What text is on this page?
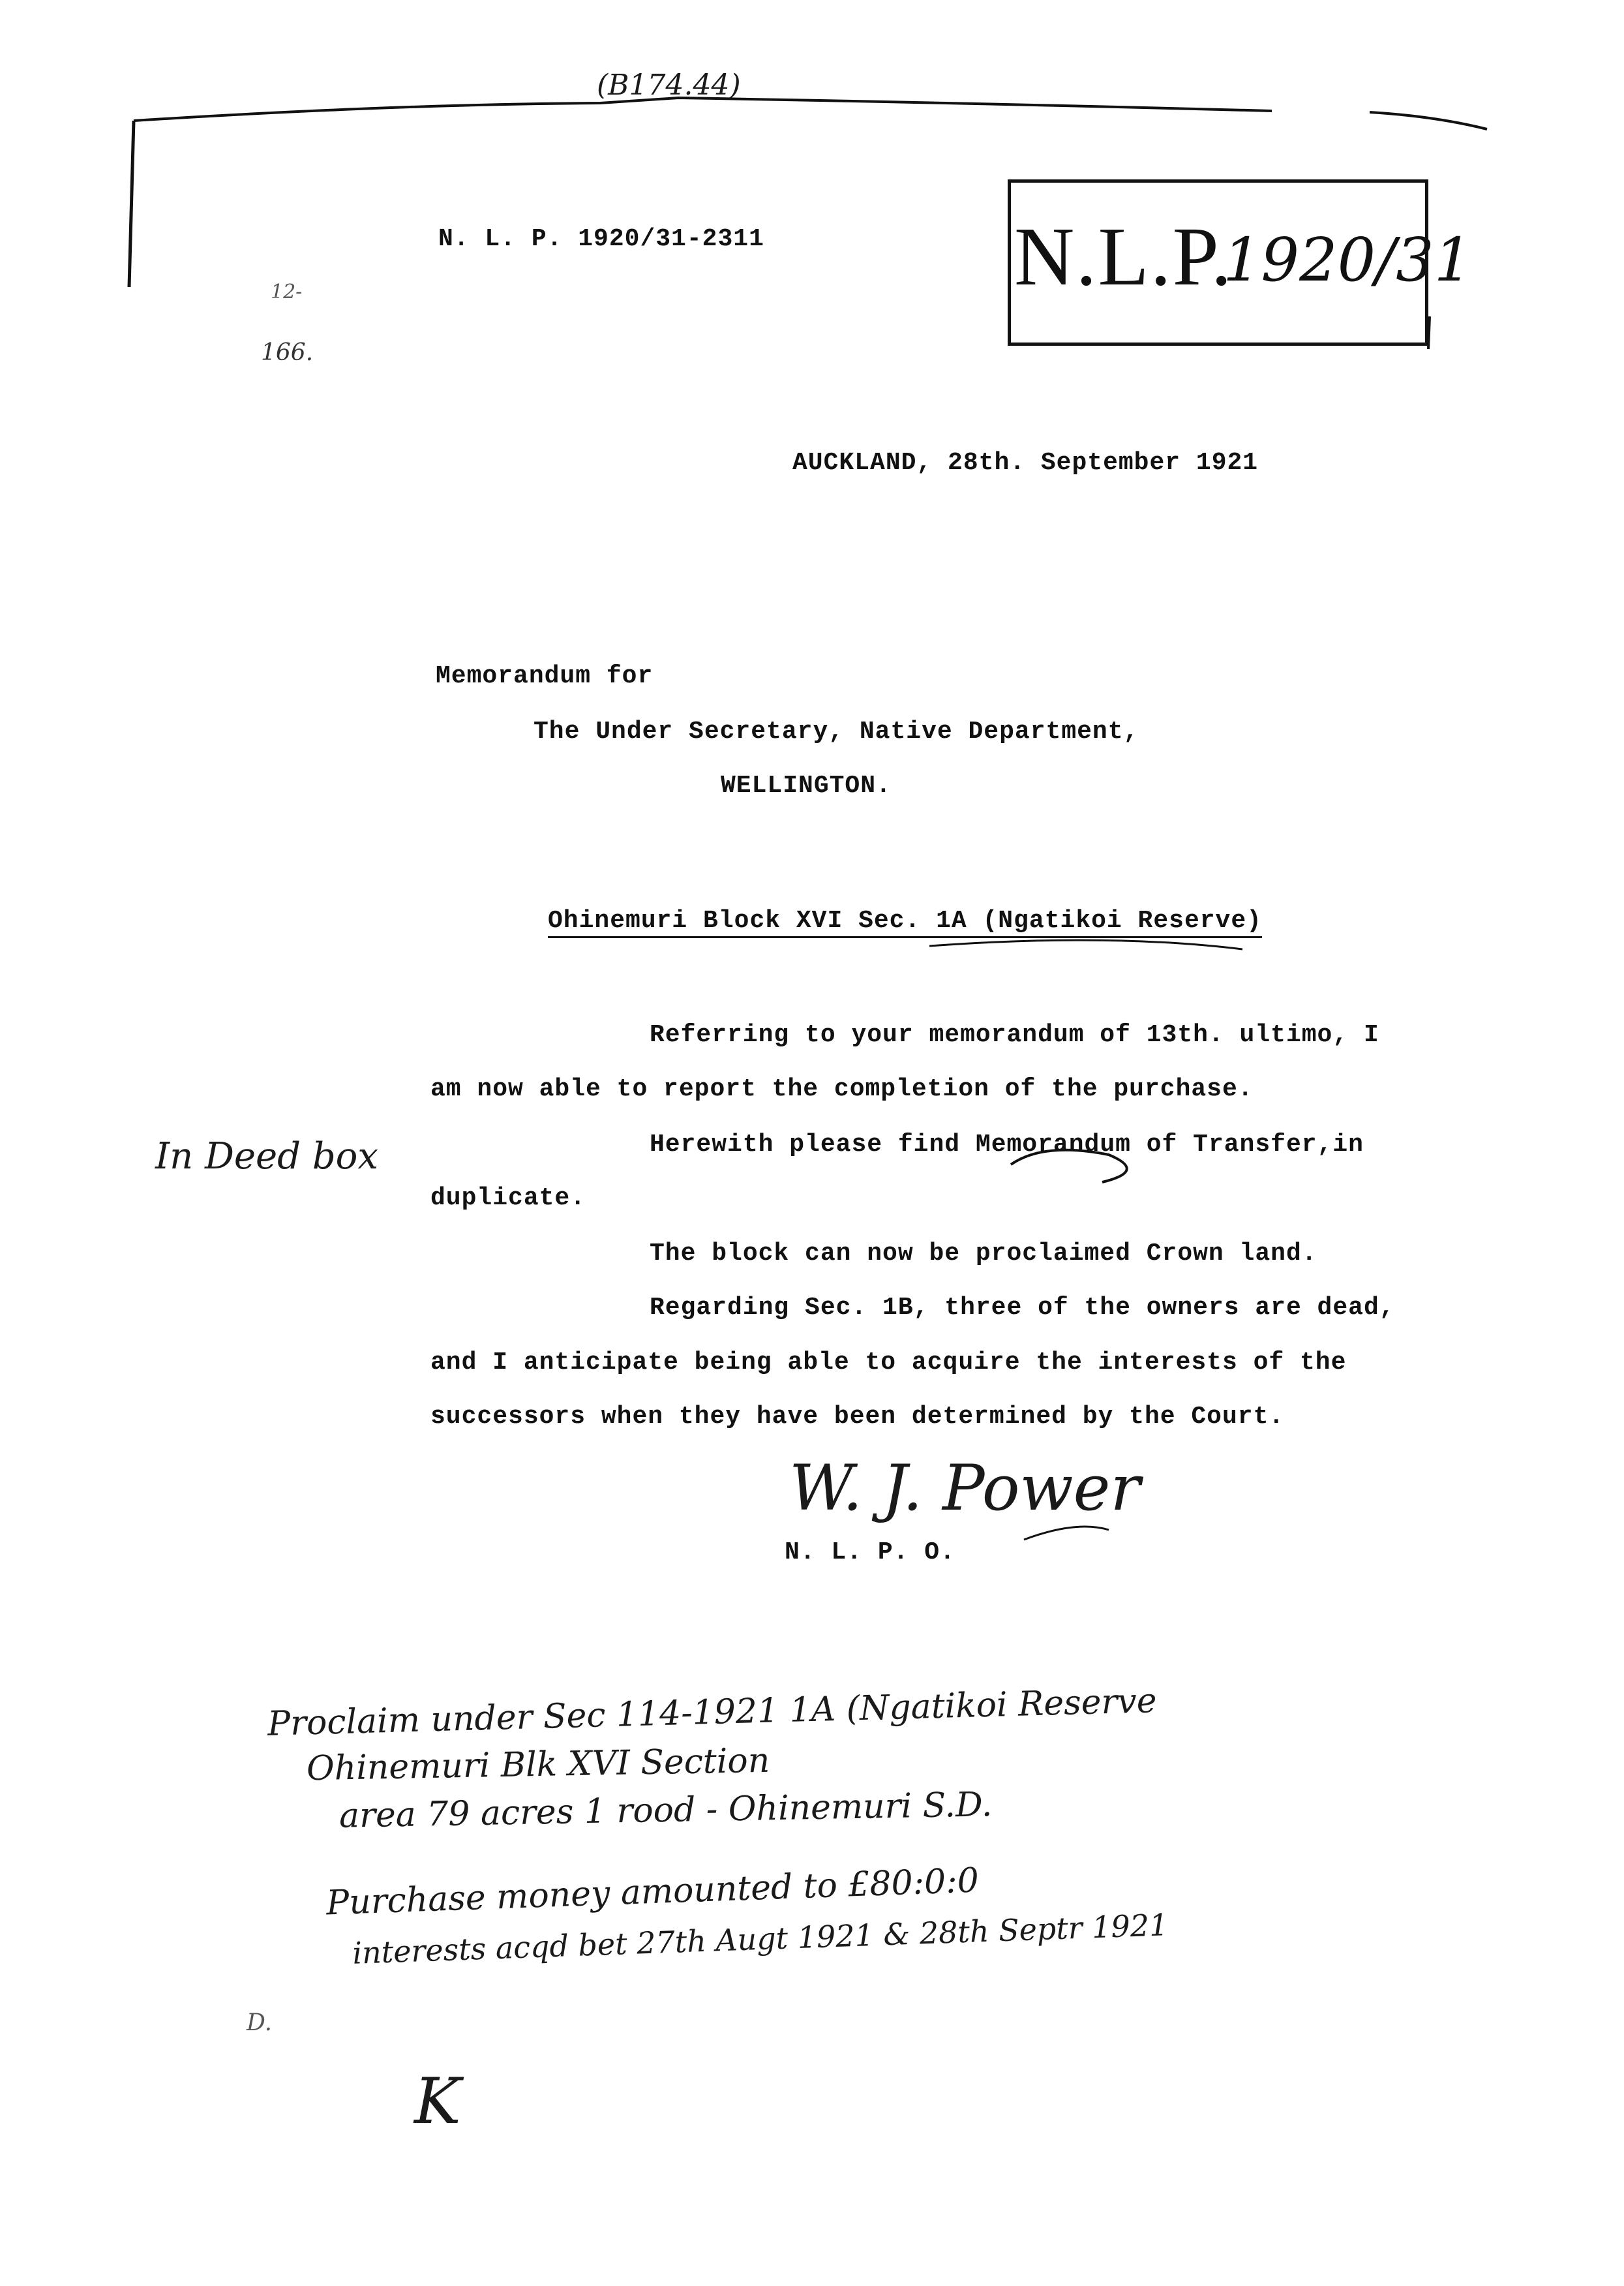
(B174.44)
N. L. P. 1920/31-2311	N.L.P.
1920/31
12-
166.
AUCKLAND, 28th. September 1921
Memorandum for
The Under Secretary, Native Department,
WELLINGTON.
Ohinemuri Block XVI Sec. 1A (Ngatikoi Reserve)
Referring to your memorandum of 13th. ultimo, I
am now able to report the completion of the purchase.
Herewith please find Memorandum of Transfer,in
duplicate.
The block can now be proclaimed Crown land.
Regarding Sec. 1B, three of the owners are dead,
and I anticipate being able to acquire the interests of the
successors when they have been determined by the Court.
In Deed box
W. J. Power
N. L. P. O.
Proclaim under Sec 114-1921 1A (Ngatikoi Reserve
Ohinemuri Blk XVI Section
area 79 acres 1 rood - Ohinemuri S.D.
Purchase money amounted to £80:0:0
interests acqd bet 27th Augt 1921 & 28th Septr 1921
D.
K
